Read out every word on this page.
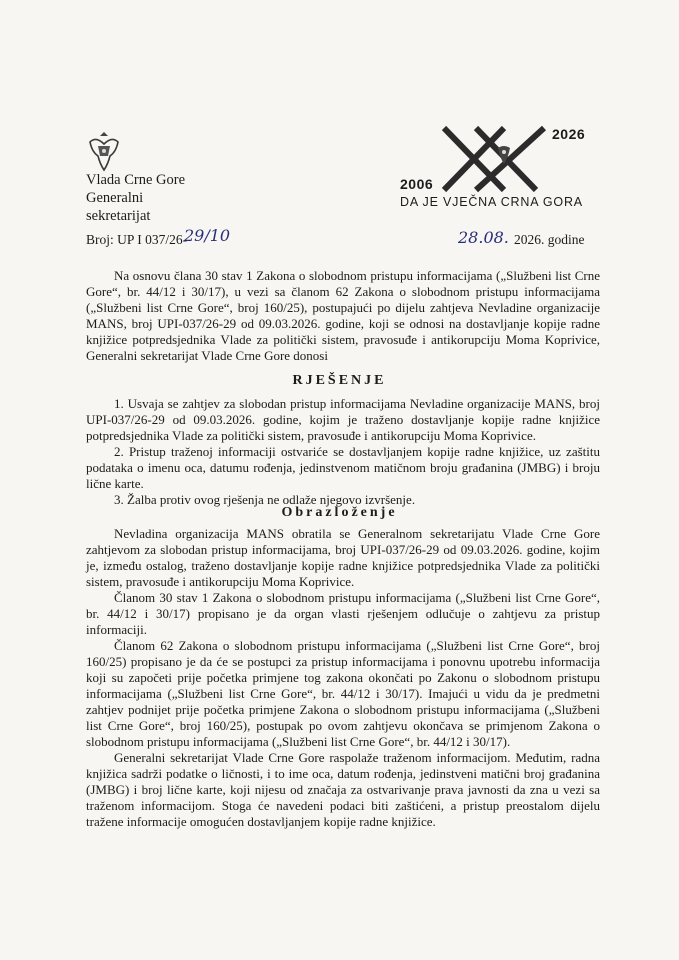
Vlada Crne Gore
Generalni
sekretarijat
2026
2006
DA JE VJEČNA CRNA GORA
Broj: UP I 037/26-
29/10	28.08. 2026. godine
Na osnovu člana 30 stav 1 Zakona o slobodnom pristupu informacijama („Službeni list Crne Gore“, br. 44/12 i 30/17), u vezi sa članom 62 Zakona o slobodnom pristupu informacijama („Službeni list Crne Gore“, broj 160/25), postupajući po dijelu zahtjeva Nevladine organizacije MANS, broj UPI-037/26-29 od 09.03.2026. godine, koji se odnosi na dostavljanje kopije radne knjižice potpredsjednika Vlade za politički sistem, pravosuđe i antikorupciju Moma Koprivice, Generalni sekretarijat Vlade Crne Gore donosi
RJEŠENJE

1. Usvaja se zahtjev za slobodan pristup informacijama Nevladine organizacije MANS, broj UPI-037/26-29 od 09.03.2026. godine, kojim je traženo dostavljanje kopije radne knjižice potpredsjednika Vlade za politički sistem, pravosuđe i antikorupciju Moma Koprivice.

2. Pristup traženoj informaciji ostvariće se dostavljanjem kopije radne knjižice, uz zaštitu podataka o imenu oca, datumu rođenja, jedinstvenom matičnom broju građanina (JMBG) i broju lične karte.

3. Žalba protiv ovog rješenja ne odlaže njegovo izvršenje.

Obrazloženje

Nevladina organizacija MANS obratila se Generalnom sekretarijatu Vlade Crne Gore zahtjevom za slobodan pristup informacijama, broj UPI-037/26-29 od 09.03.2026. godine, kojim je, između ostalog, traženo dostavljanje kopije radne knjižice potpredsjednika Vlade za politički sistem, pravosuđe i antikorupciju Moma Koprivice.

Članom 30 stav 1 Zakona o slobodnom pristupu informacijama („Službeni list Crne Gore“, br. 44/12 i 30/17) propisano je da organ vlasti rješenjem odlučuje o zahtjevu za pristup informaciji.

Članom 62 Zakona o slobodnom pristupu informacijama („Službeni list Crne Gore“, broj 160/25) propisano je da će se postupci za pristup informacijama i ponovnu upotrebu informacija koji su započeti prije početka primjene tog zakona okončati po Zakonu o slobodnom pristupu informacijama („Službeni list Crne Gore“, br. 44/12 i 30/17). Imajući u vidu da je predmetni zahtjev podnijet prije početka primjene Zakona o slobodnom pristupu informacijama („Službeni list Crne Gore“, broj 160/25), postupak po ovom zahtjevu okončava se primjenom Zakona o slobodnom pristupu informacijama („Službeni list Crne Gore“, br. 44/12 i 30/17).

Generalni sekretarijat Vlade Crne Gore raspolaže traženom informacijom. Međutim, radna knjižica sadrži podatke o ličnosti, i to ime oca, datum rođenja, jedinstveni matični broj građanina (JMBG) i broj lične karte, koji nijesu od značaja za ostvarivanje prava javnosti da zna u vezi sa traženom informacijom. Stoga će navedeni podaci biti zaštićeni, a pristup preostalom dijelu tražene informacije omogućen dostavljanjem kopije radne knjižice.
